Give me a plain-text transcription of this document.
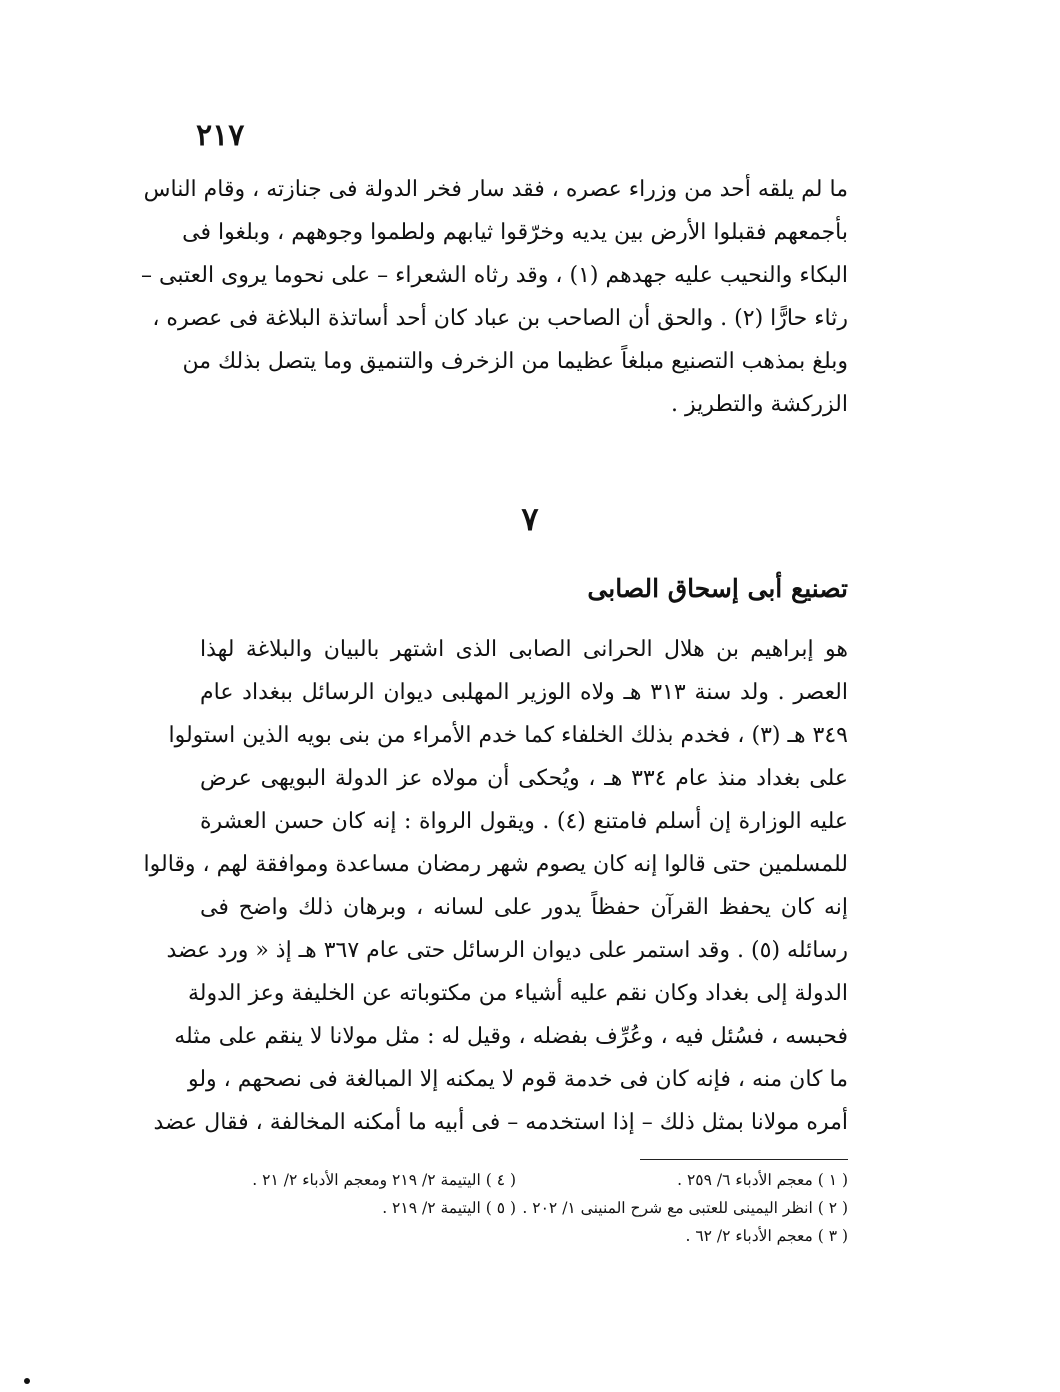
٢١٧
ما لم يلقه أحد من وزراء عصره ، فقد سار فخر الدولة فى جنازته ، وقام الناس
بأجمعهم فقبلوا الأرض بين يديه وخرّقوا ثيابهم ولطموا وجوههم ، وبلغوا فى
البكاء والنحيب عليه جهدهم (١) ، وقد رثاه الشعراء – على نحوما يروى العتبى –
رثاء حارًّا (٢) . والحق أن الصاحب بن عباد كان أحد أساتذة البلاغة فى عصره ،
وبلغ بمذهب التصنيع مبلغاً عظيما من الزخرف والتنميق وما يتصل بذلك من
الزركشة والتطريز .
٧
تصنيع أبى إسحاق الصابى
هو إبراهيم بن هلال الحرانى الصابى الذى اشتهر بالبيان والبلاغة لهذا
العصر . ولد سنة ٣١٣ هـ ولاه الوزير المهلبى ديوان الرسائل ببغداد عام
٣٤٩ هـ (٣) ، فخدم بذلك الخلفاء كما خدم الأمراء من بنى بويه الذين استولوا
على بغداد منذ عام ٣٣٤ هـ ، ويُحكى أن مولاه عز الدولة البويهى عرض
عليه الوزارة إن أسلم فامتنع (٤) . ويقول الرواة : إنه كان حسن العشرة
للمسلمين حتى قالوا إنه كان يصوم شهر رمضان مساعدة وموافقة لهم ، وقالوا
إنه كان يحفظ القرآن حفظاً يدور على لسانه ، وبرهان ذلك واضح فى
رسائله (٥) . وقد استمر على ديوان الرسائل حتى عام ٣٦٧ هـ إذ « ورد عضد
الدولة إلى بغداد وكان نقم عليه أشياء من مكتوباته عن الخليفة وعز الدولة
فحبسه ، فسُئل فيه ، وعُرِّف بفضله ، وقيل له : مثل مولانا لا ينقم على مثله
ما كان منه ، فإنه كان فى خدمة قوم لا يمكنه إلا المبالغة فى نصحهم ، ولو
أمره مولانا بمثل ذلك – إذا استخدمه – فى أبيه ما أمكنه المخالفة ، فقال عضد
( ١ ) معجم الأدباء ٦/ ٢٥٩ .
( ٤ ) اليتيمة ٢/ ٢١٩ ومعجم الأدباء ٢/ ٢١ .
( ٢ ) انظر اليمينى للعتبى مع شرح المنينى ١/ ٢٠٢ .
( ٥ ) اليتيمة ٢/ ٢١٩ .
( ٣ ) معجم الأدباء ٢/ ٦٢ .
